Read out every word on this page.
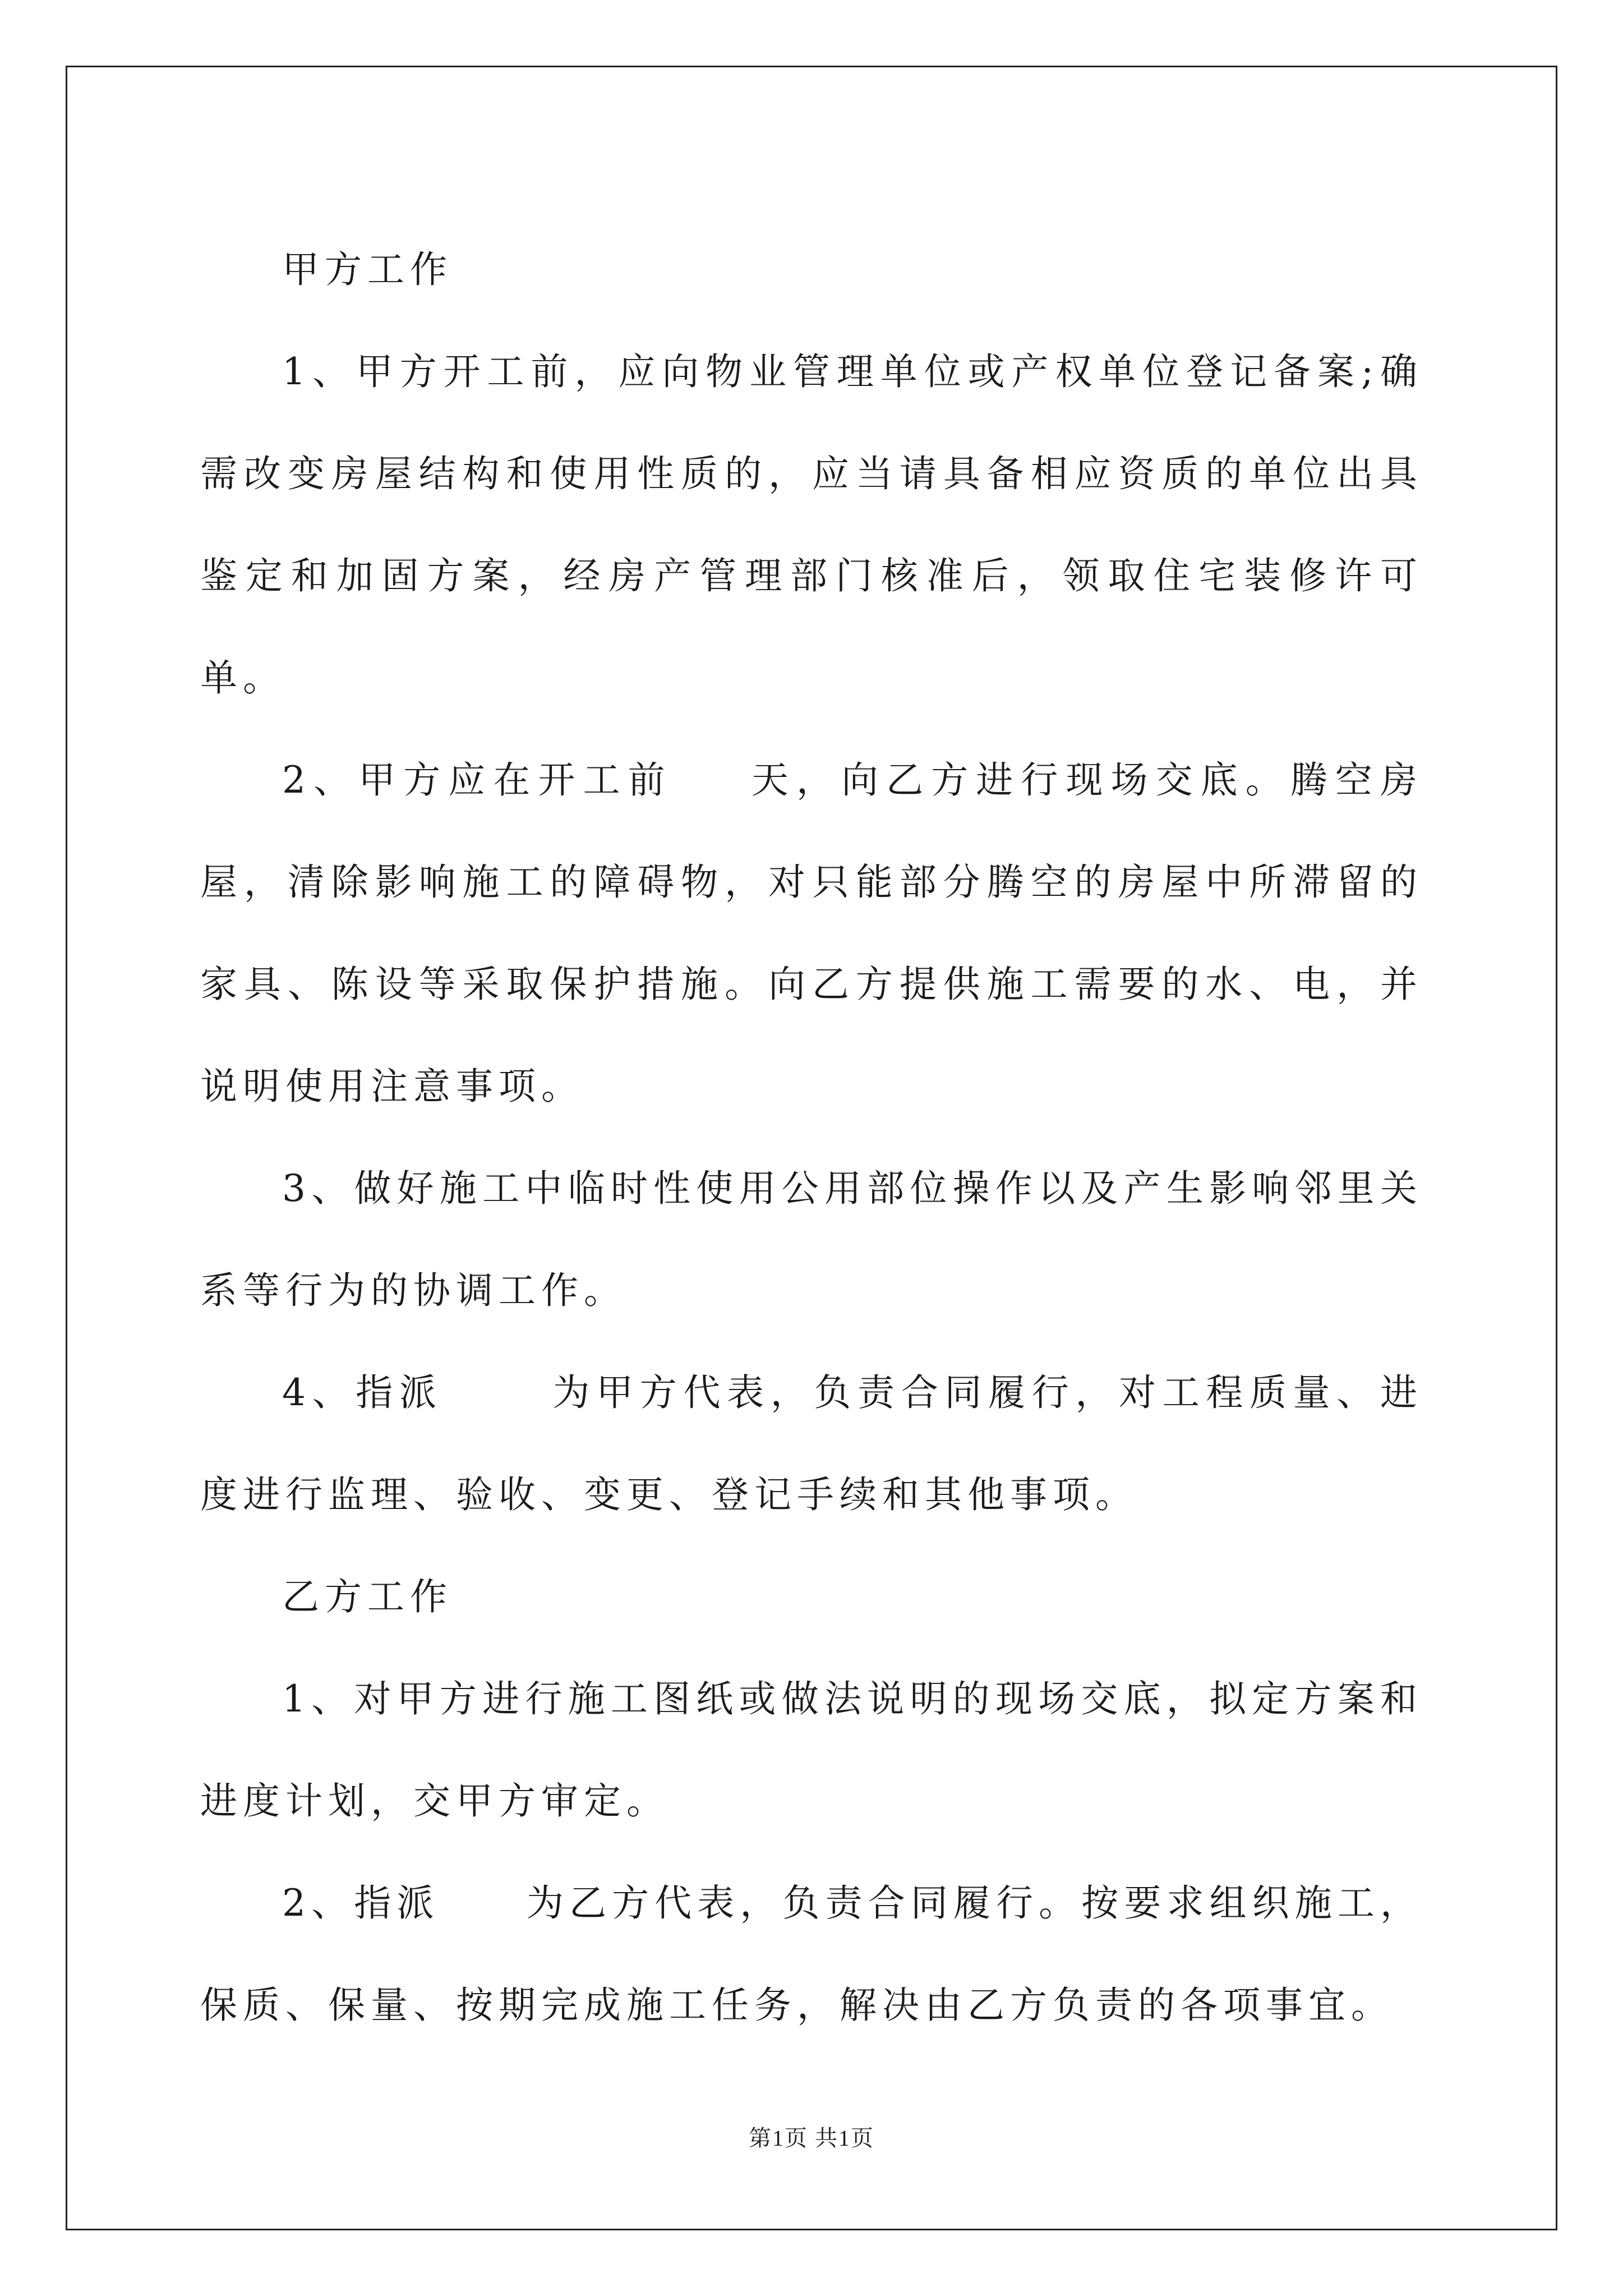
甲方工作

1、甲方开工前，应向物业管理单位或产权单位登记备案;确需改变房屋结构和使用性质的，应当请具备相应资质的单位出具鉴定和加固方案，经房产管理部门核准后，领取住宅装修许可单。

2、甲方应在开工前    天，向乙方进行现场交底。腾空房屋，清除影响施工的障碍物，对只能部分腾空的房屋中所滞留的家具、陈设等采取保护措施。向乙方提供施工需要的水、电，并说明使用注意事项。

3、做好施工中临时性使用公用部位操作以及产生影响邻里关系等行为的协调工作。

4、指派      为甲方代表，负责合同履行，对工程质量、进度进行监理、验收、变更、登记手续和其他事项。

乙方工作

1、对甲方进行施工图纸或做法说明的现场交底，拟定方案和进度计划，交甲方审定。

2、指派     为乙方代表，负责合同履行。按要求组织施工，保质、保量、按期完成施工任务，解决由乙方负责的各项事宜。

第1页 共1页
